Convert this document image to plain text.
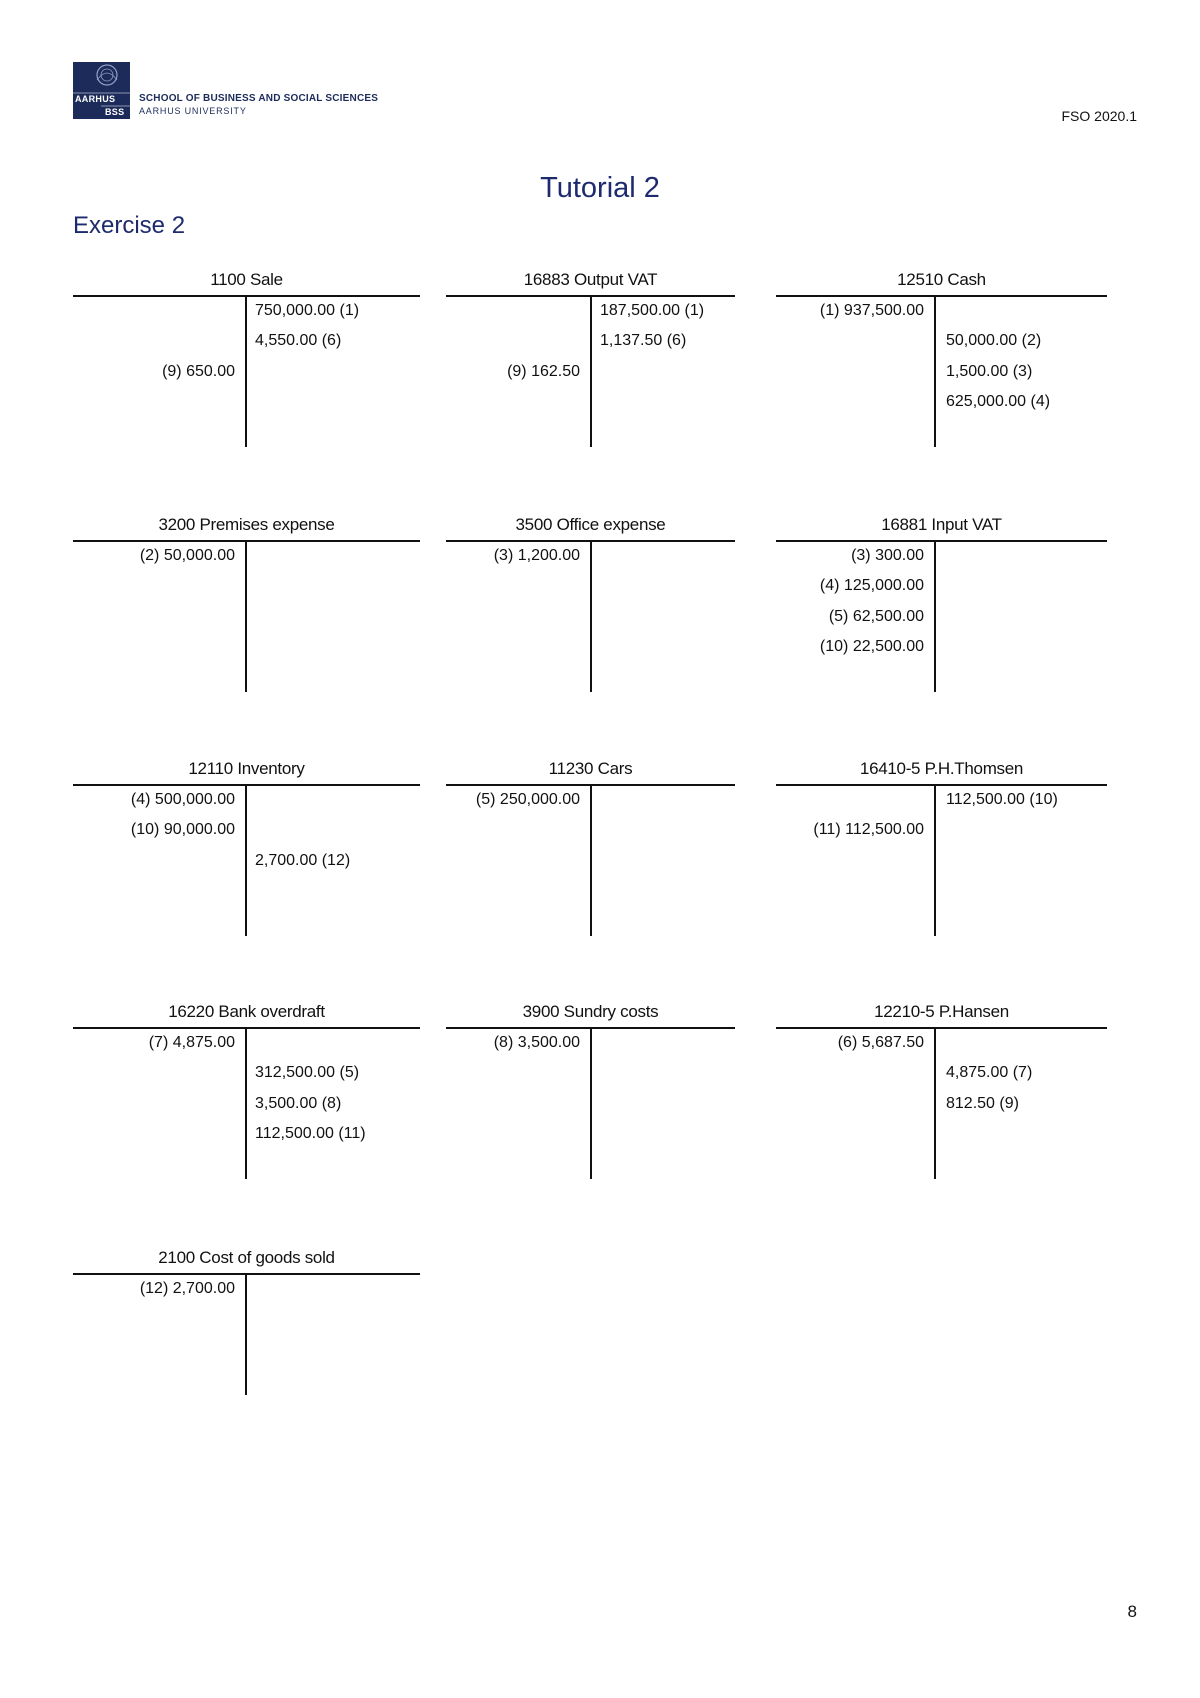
AARHUS
BSS
SCHOOL OF BUSINESS AND SOCIAL SCIENCES
AARHUS UNIVERSITY	FSO 2020.1
Tutorial 2
Exercise 2
1100 Sale
(9) 650.00
750,000.00 (1)
4,550.00 (6)
16883 Output VAT
(9) 162.50
187,500.00 (1)
1,137.50 (6)
12510 Cash
(1) 937,500.00
50,000.00 (2)
1,500.00 (3)
625,000.00 (4)
3200 Premises expense
(2) 50,000.00
3500 Office expense
(3) 1,200.00
16881 Input VAT
(3) 300.00
(4) 125,000.00
(5) 62,500.00
(10) 22,500.00
12110 Inventory
(4) 500,000.00
(10) 90,000.00
2,700.00 (12)
11230 Cars
(5) 250,000.00
16410-5 P.H.Thomsen
(11) 112,500.00
112,500.00 (10)
16220 Bank overdraft
(7) 4,875.00
312,500.00 (5)
3,500.00 (8)
112,500.00 (11)
3900 Sundry costs
(8) 3,500.00
12210-5 P.Hansen
(6) 5,687.50
4,875.00 (7)
812.50 (9)
2100 Cost of goods sold
(12) 2,700.00
8
